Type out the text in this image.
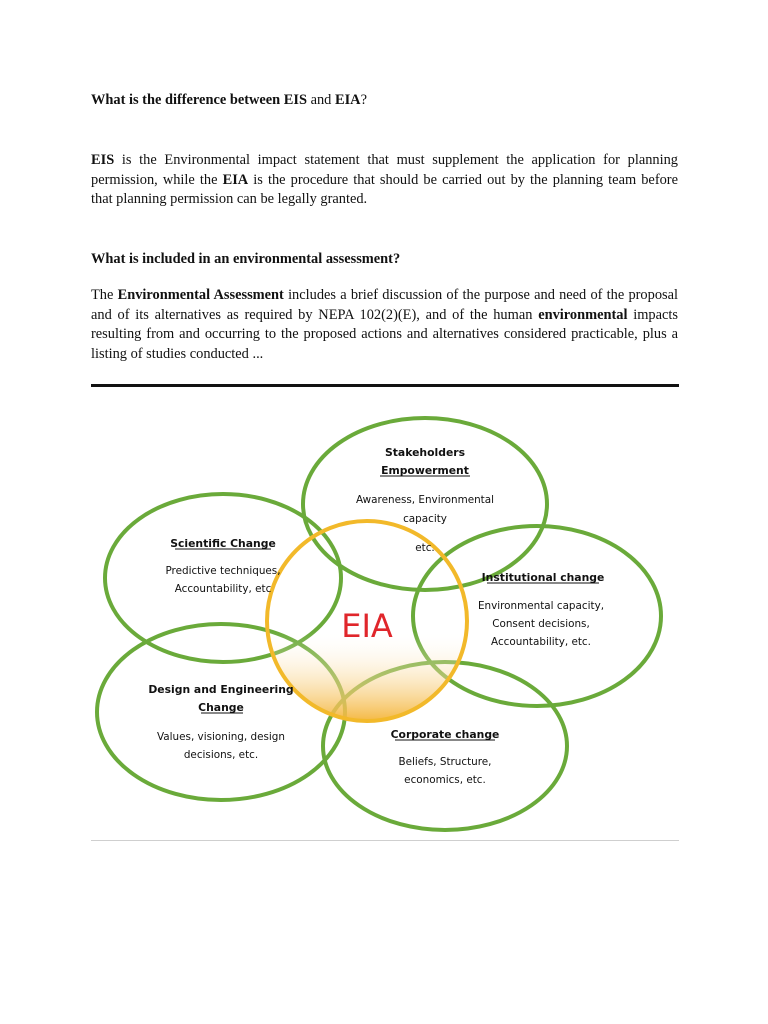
What is the difference between EIS and EIA?

EIS is the Environmental impact statement that must supplement the application for planning permission, while the EIA is the procedure that should be carried out by the planning team before that planning permission can be legally granted.

What is included in an environmental assessment?

The Environmental Assessment includes a brief discussion of the purpose and need of the proposal and of its alternatives as required by NEPA 102(2)(E), and of the human environmental impacts resulting from and occurring to the proposed actions and alternatives considered practicable, plus a listing of studies conducted ...

EIA
Stakeholders
Empowerment
Awareness, Environmental
capacity
etc.
Scientific Change
Predictive techniques,
Accountability, etc
Institutional change
Environmental capacity,
Consent decisions,
Accountability, etc.
Design and Engineering
Change
Values, visioning, design
decisions, etc.
Corporate change
Beliefs, Structure,
economics, etc.
